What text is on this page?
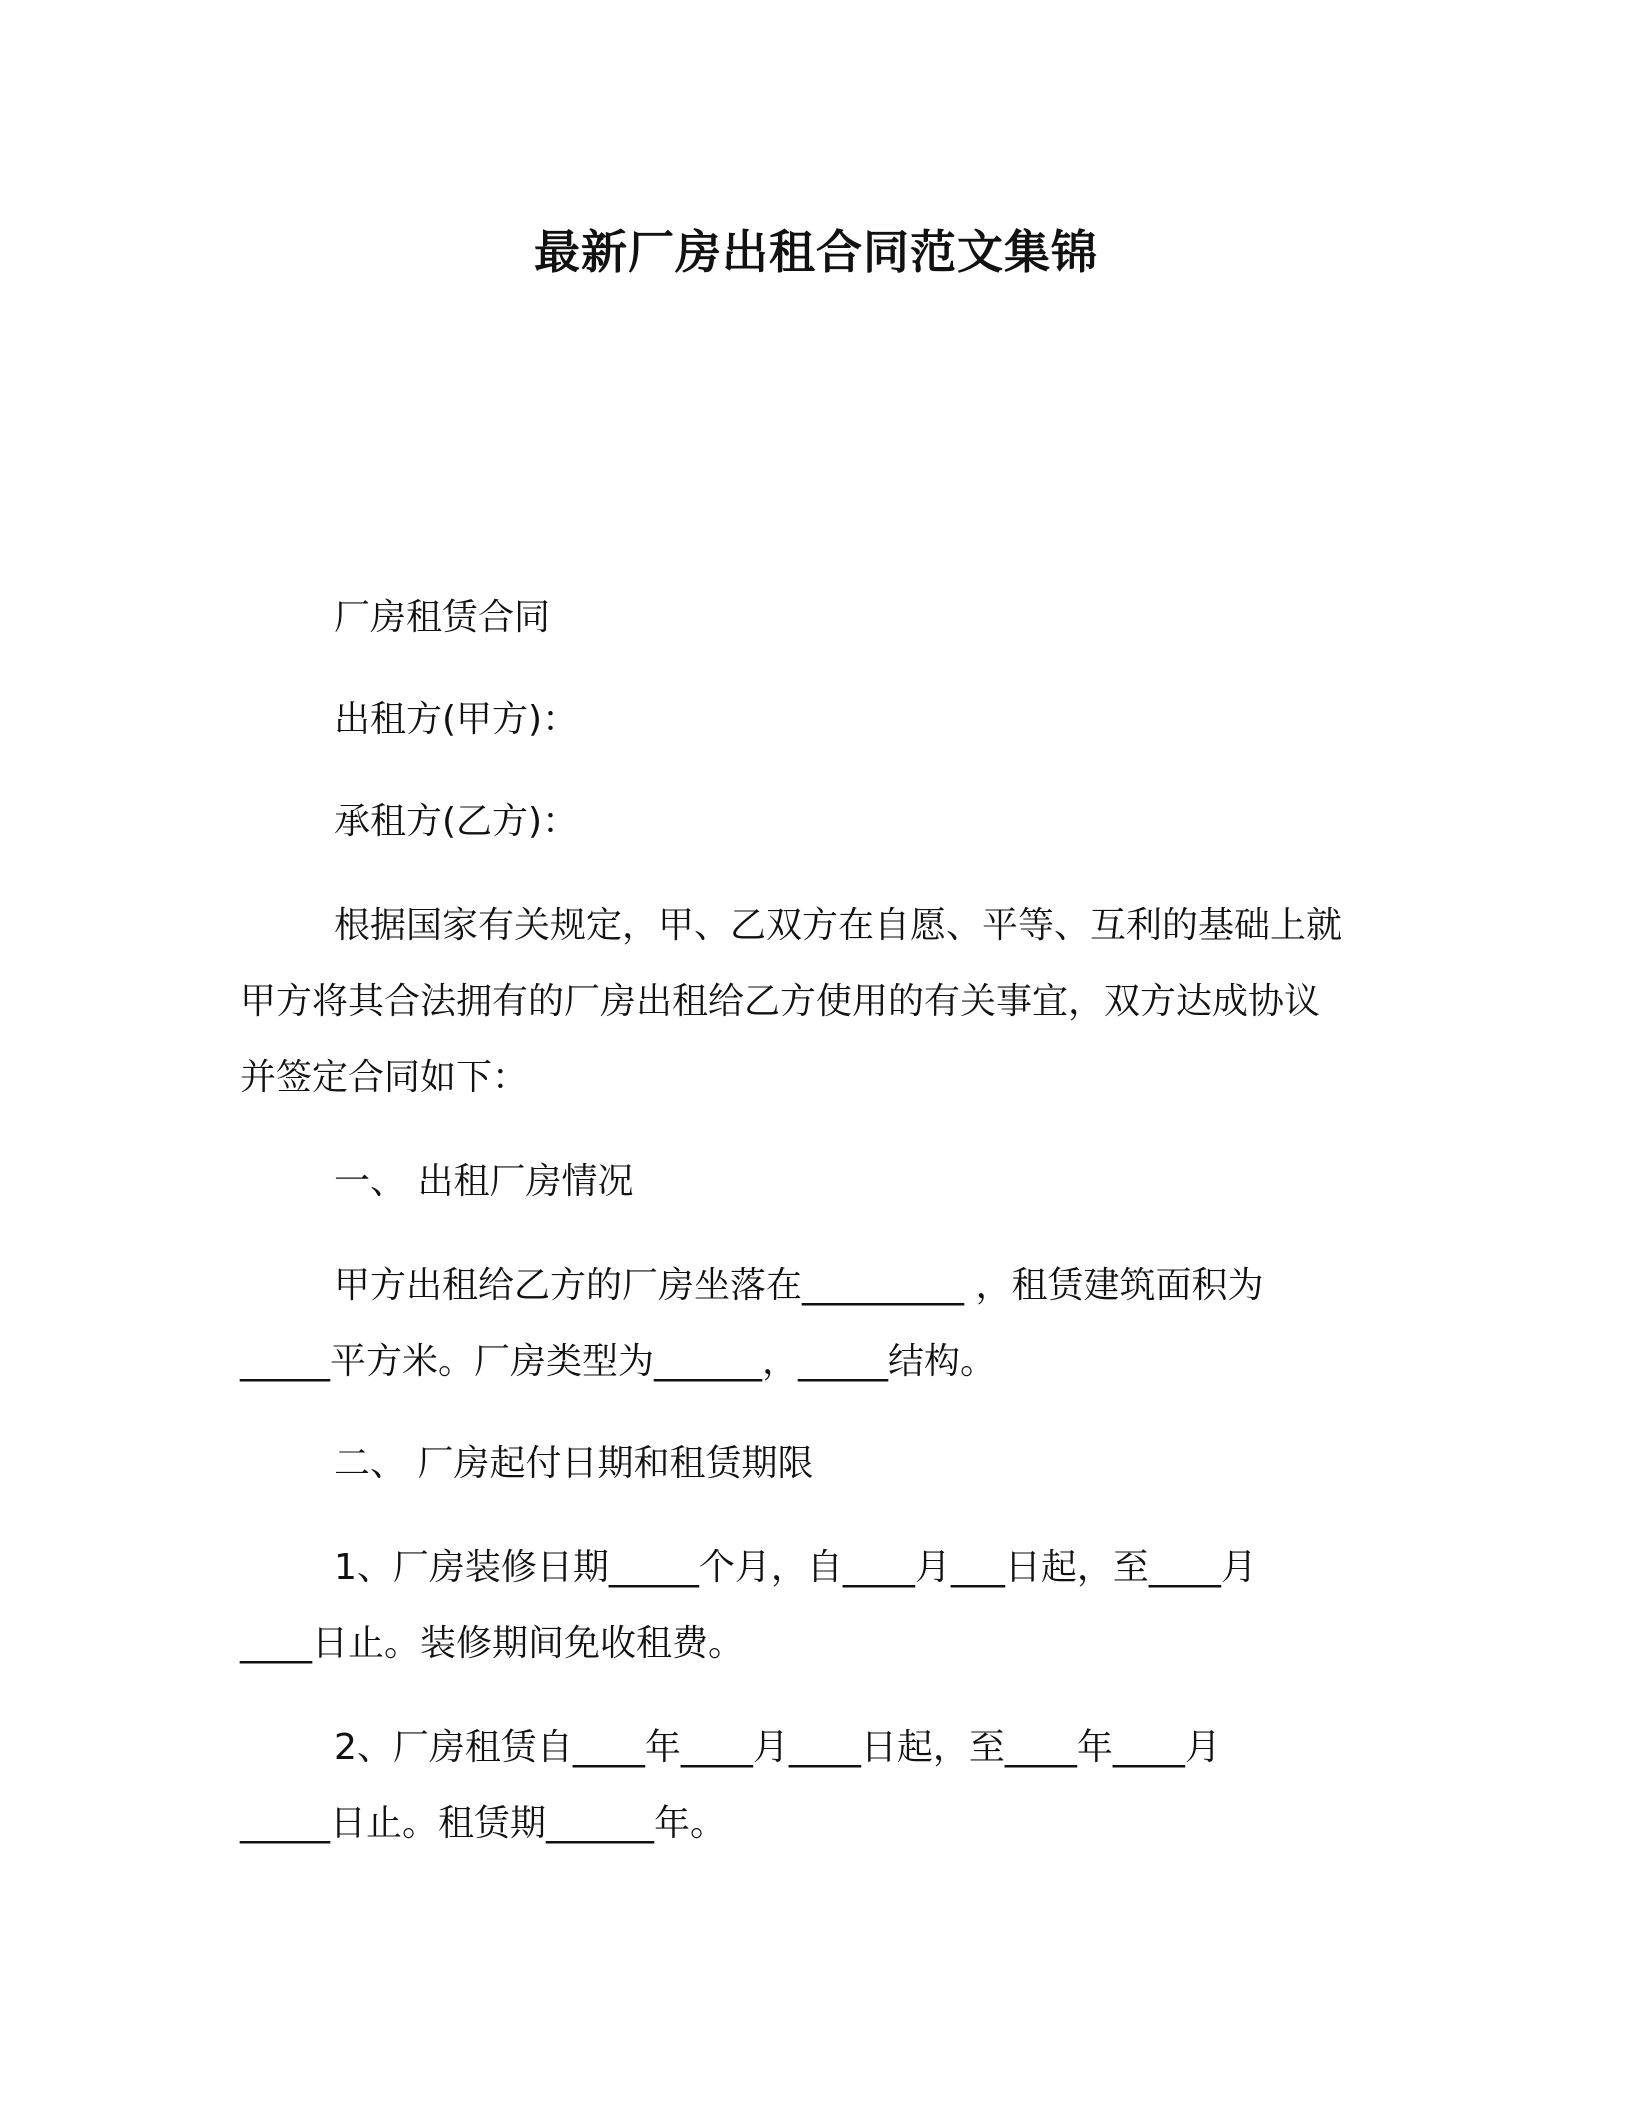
最新厂房出租合同范文集锦

厂房租赁合同

出租方(甲方)：

承租方(乙方)：

根据国家有关规定，甲、乙双方在自愿、平等、互利的基础上就

甲方将其合法拥有的厂房出租给乙方使用的有关事宜，双方达成协议

并签定合同如下：

一、 出租厂房情况

甲方出租给乙方的厂房坐落在_________ ，租赁建筑面积为

_____平方米。厂房类型为______，_____结构。

二、 厂房起付日期和租赁期限

1、厂房装修日期_____个月，自____月___日起，至____月

____日止。装修期间免收租费。

2、厂房租赁自____年____月____日起，至____年____月

_____日止。租赁期______年。
